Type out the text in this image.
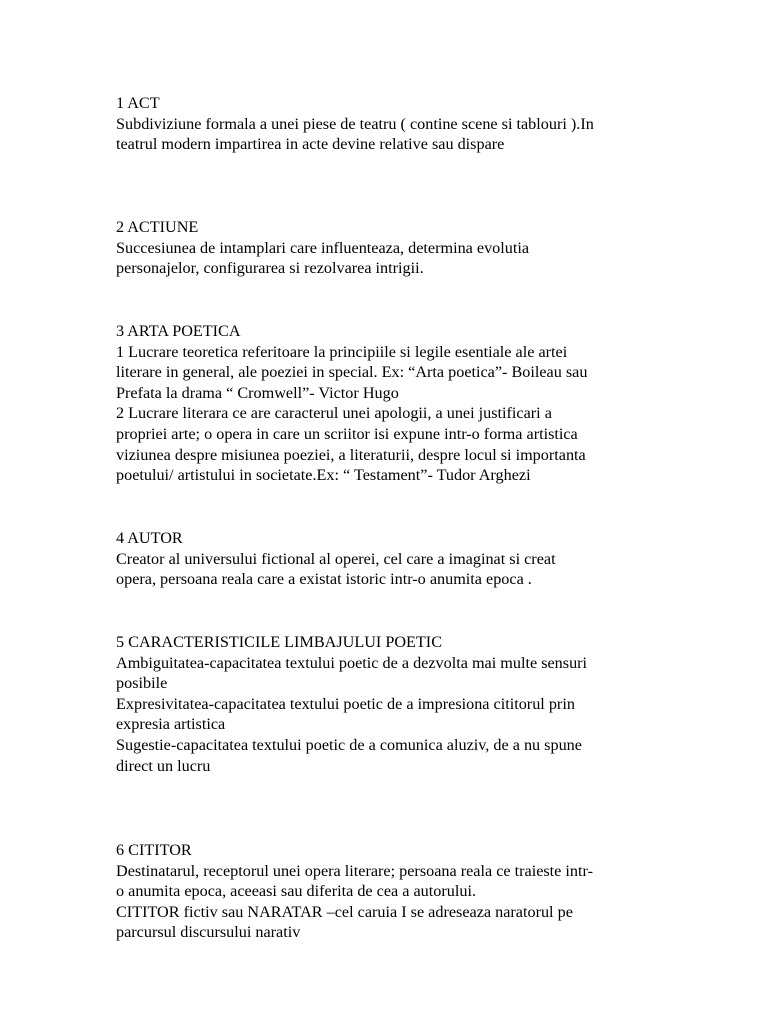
1 ACT
Subdiviziune formala a unei piese de teatru ( contine scene si tablouri ).In
teatrul modern impartirea in acte devine relative sau dispare
2 ACTIUNE
Succesiunea de intamplari care influenteaza, determina evolutia
personajelor, configurarea si rezolvarea intrigii.
3 ARTA POETICA
1 Lucrare teoretica referitoare la principiile si legile esentiale ale artei
literare in general, ale poeziei in special. Ex: “Arta poetica”- Boileau sau
Prefata la drama “ Cromwell”- Victor Hugo
2 Lucrare literara ce are caracterul unei apologii, a unei justificari a
propriei arte; o opera in care un scriitor isi expune intr-o forma artistica
viziunea despre misiunea poeziei, a literaturii, despre locul si importanta
poetului/ artistului in societate.Ex: “ Testament”- Tudor Arghezi
4 AUTOR
Creator al universului fictional al operei, cel care a imaginat si creat
opera, persoana reala care a existat istoric intr-o anumita epoca .
5 CARACTERISTICILE LIMBAJULUI POETIC
Ambiguitatea-capacitatea textului poetic de a dezvolta mai multe sensuri
posibile
Expresivitatea-capacitatea textului poetic de a impresiona cititorul prin
expresia artistica
Sugestie-capacitatea textului poetic de a comunica aluziv, de a nu spune
direct un lucru
6 CITITOR
Destinatarul, receptorul unei opera literare; persoana reala ce traieste intr-
o anumita epoca, aceeasi sau diferita de cea a autorului.
CITITOR fictiv sau NARATAR –cel caruia I se adreseaza naratorul pe
parcursul discursului narativ
